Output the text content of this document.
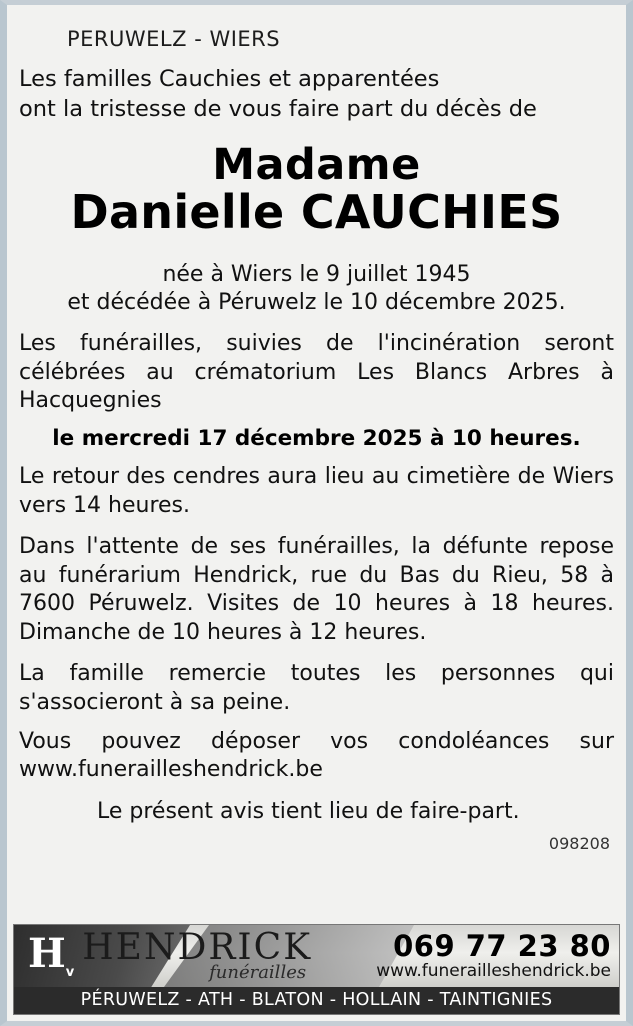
PERUWELZ - WIERS
Les familles Cauchies et apparentées
ont la tristesse de vous faire part du décès de
Madame
Danielle CAUCHIES
née à Wiers le 9 juillet 1945
et décédée à Péruwelz le 10 décembre 2025.
Les funérailles, suivies de l'incinération seront célébrées au crématorium Les Blancs Arbres à Hacquegnies
le mercredi 17 décembre 2025 à 10 heures.
Le retour des cendres aura lieu au cimetière de Wiers vers 14 heures.
Dans l'attente de ses funérailles, la défunte repose au funérarium Hendrick, rue du Bas du Rieu, 58 à 7600 Péruwelz. Visites de 10 heures à 18 heures. Dimanche de 10 heures à 12 heures.
La famille remercie toutes les personnes qui s'associeront à sa peine.
Vous pouvez déposer vos condoléances sur www.funerailleshendrick.be
Le présent avis tient lieu de faire-part.
098208
$H_v$
HENDRICK
funérailles
069 77 23 80
www.funerailleshendrick.be
PÉRUWELZ - ATH - BLATON - HOLLAIN - TAINTIGNIES
